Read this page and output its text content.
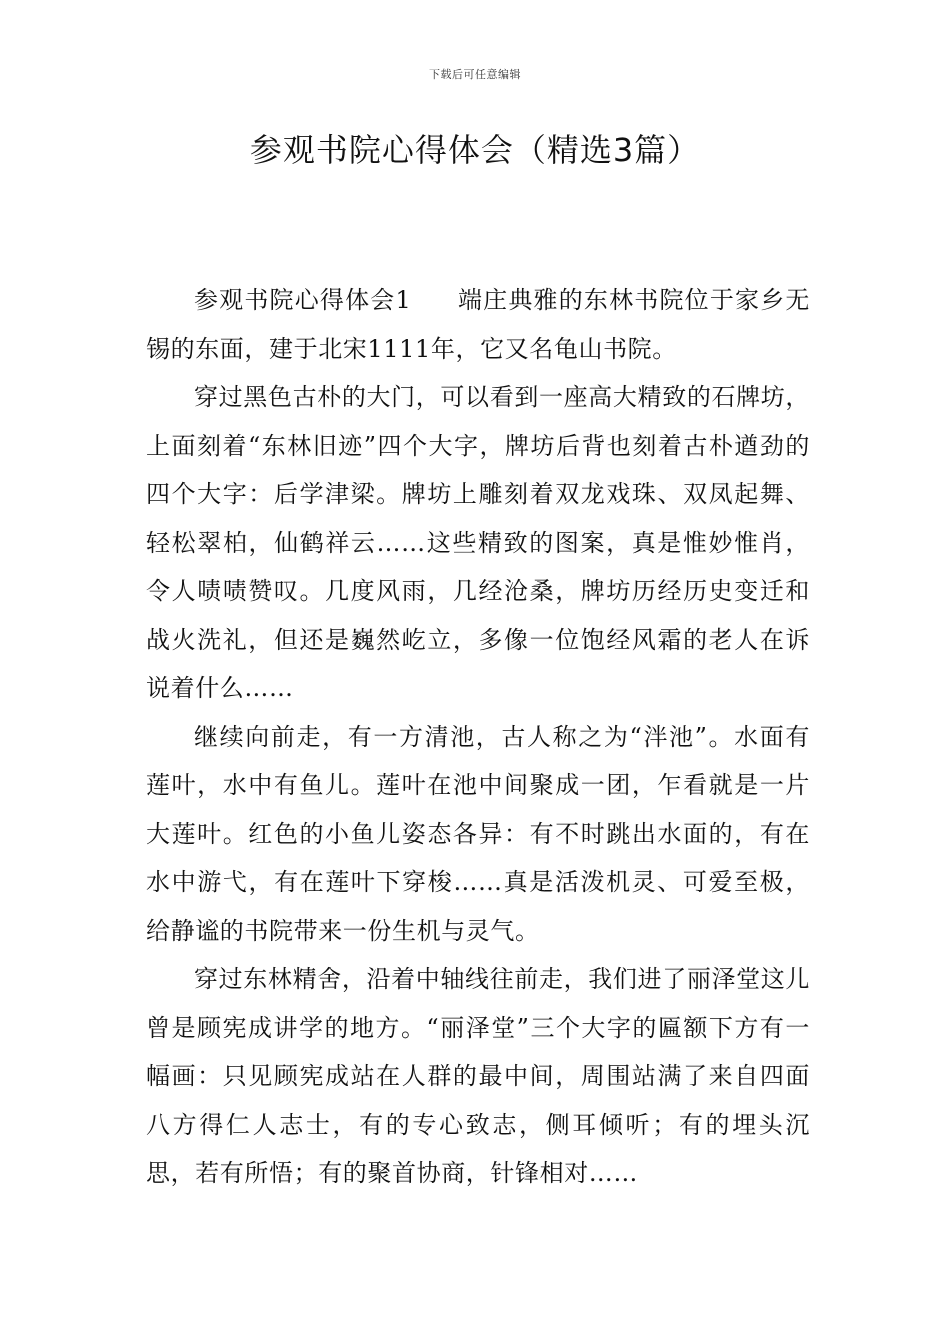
下载后可任意编辑
参观书院心得体会（精选3篇）

参观书院心得体会1 端庄典雅的东林书院位于家乡无锡的东面，建于北宋1111年，它又名龟山书院。

穿过黑色古朴的大门，可以看到一座高大精致的石牌坊，上面刻着“东林旧迹”四个大字，牌坊后背也刻着古朴遒劲的四个大字：后学津梁。牌坊上雕刻着双龙戏珠、双凤起舞、轻松翠柏，仙鹤祥云……这些精致的图案，真是惟妙惟肖，令人啧啧赞叹。几度风雨，几经沧桑，牌坊历经历史变迁和战火洗礼，但还是巍然屹立，多像一位饱经风霜的老人在诉说着什么……

继续向前走，有一方清池，古人称之为“泮池”。水面有莲叶，水中有鱼儿。莲叶在池中间聚成一团，乍看就是一片大莲叶。红色的小鱼儿姿态各异：有不时跳出水面的，有在水中游弋，有在莲叶下穿梭……真是活泼机灵、可爱至极，给静谧的书院带来一份生机与灵气。

穿过东林精舍，沿着中轴线往前走，我们进了丽泽堂这儿曾是顾宪成讲学的地方。“丽泽堂”三个大字的匾额下方有一幅画：只见顾宪成站在人群的最中间，周围站满了来自四面八方得仁人志士，有的专心致志，侧耳倾听；有的埋头沉思，若有所悟；有的聚首协商，针锋相对……
